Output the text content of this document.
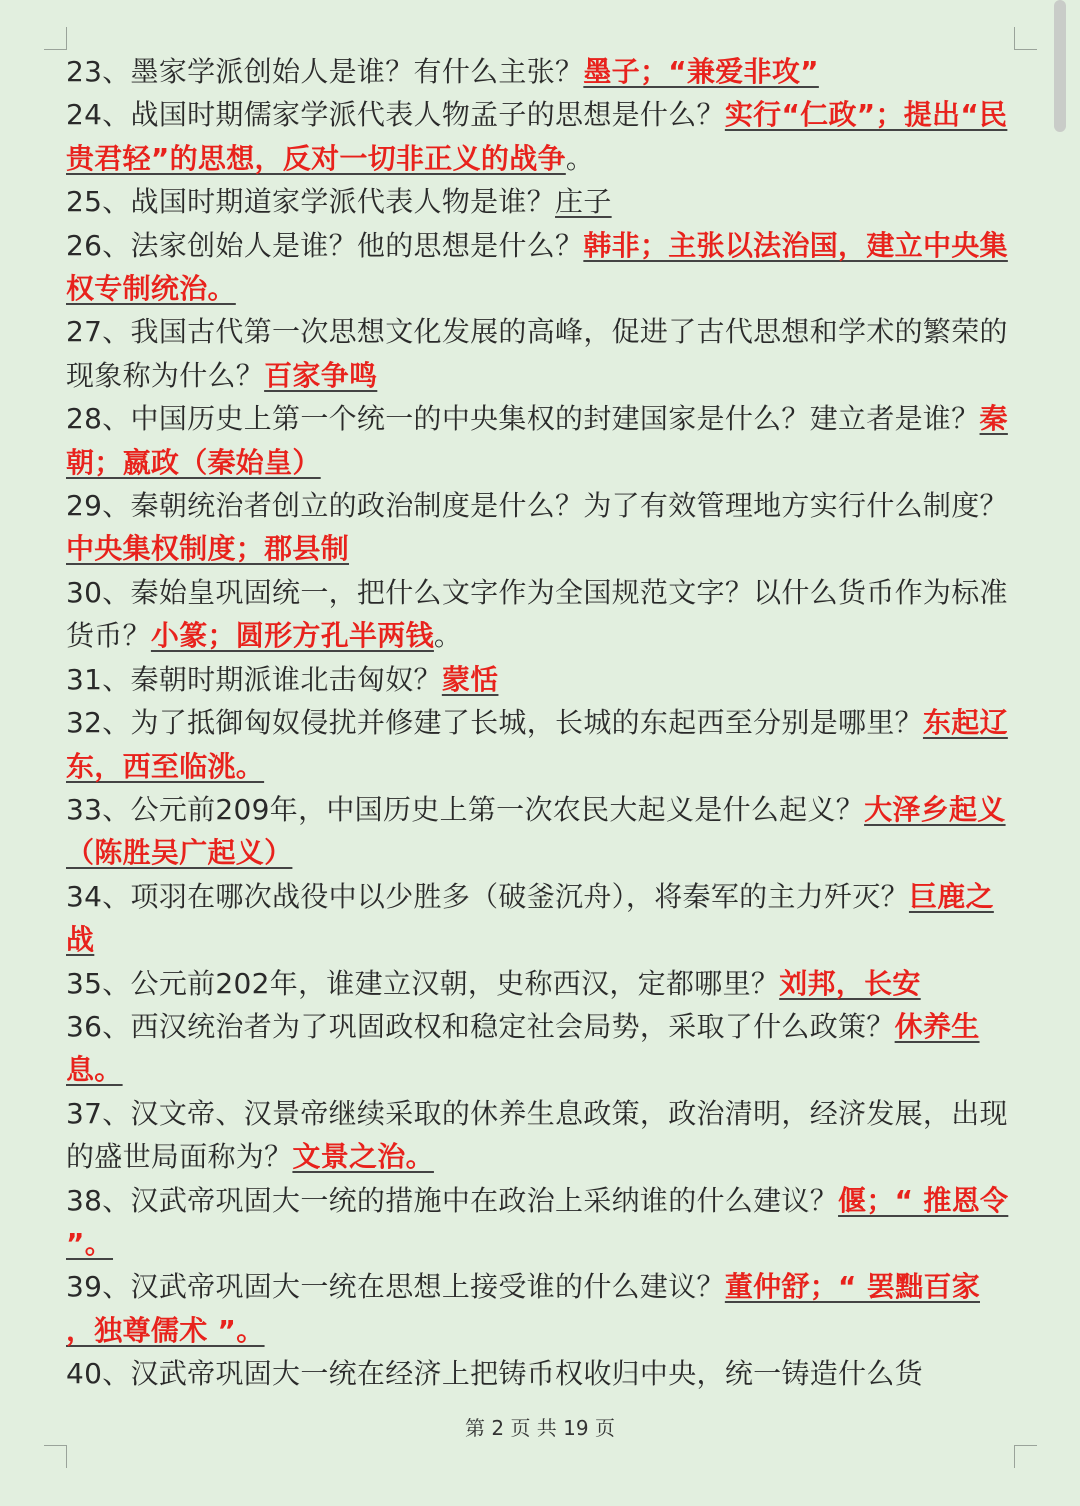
23、墨家学派创始人是谁？有什么主张？墨子；“兼爱非攻”

24、战国时期儒家学派代表人物孟子的思想是什么？实行“仁政”；提出“民贵君轻”的思想，反对一切非正义的战争。

25、战国时期道家学派代表人物是谁？庄子

26、法家创始人是谁？他的思想是什么？韩非；主张以法治国，建立中央集权专制统治。

27、我国古代第一次思想文化发展的高峰，促进了古代思想和学术的繁荣的现象称为什么？百家争鸣

28、中国历史上第一个统一的中央集权的封建国家是什么？建立者是谁？秦朝；嬴政（秦始皇）

29、秦朝统治者创立的政治制度是什么？为了有效管理地方实行什么制度？中央集权制度；郡县制

30、秦始皇巩固统一，把什么文字作为全国规范文字？以什么货币作为标准货币？小篆；圆形方孔半两钱。

31、秦朝时期派谁北击匈奴？蒙恬

32、为了抵御匈奴侵扰并修建了长城，长城的东起西至分别是哪里？东起辽东，西至临洮。

33、公元前209年，中国历史上第一次农民大起义是什么起义？大泽乡起义（陈胜吴广起义）

34、项羽在哪次战役中以少胜多（破釜沉舟），将秦军的主力歼灭？巨鹿之战

35、公元前202年，谁建立汉朝，史称西汉，定都哪里？刘邦，长安

36、西汉统治者为了巩固政权和稳定社会局势，采取了什么政策？休养生息。

37、汉文帝、汉景帝继续采取的休养生息政策，政治清明，经济发展，出现的盛世局面称为？文景之治。

38、汉武帝巩固大一统的措施中在政治上采纳谁的什么建议？偃；“ 推恩令 ”。

39、汉武帝巩固大一统在思想上接受谁的什么建议？董仲舒；“ 罢黜百家 ，独尊儒术 ”。

40、汉武帝巩固大一统在经济上把铸币权收归中央，统一铸造什么货

第 2 页 共 19 页
